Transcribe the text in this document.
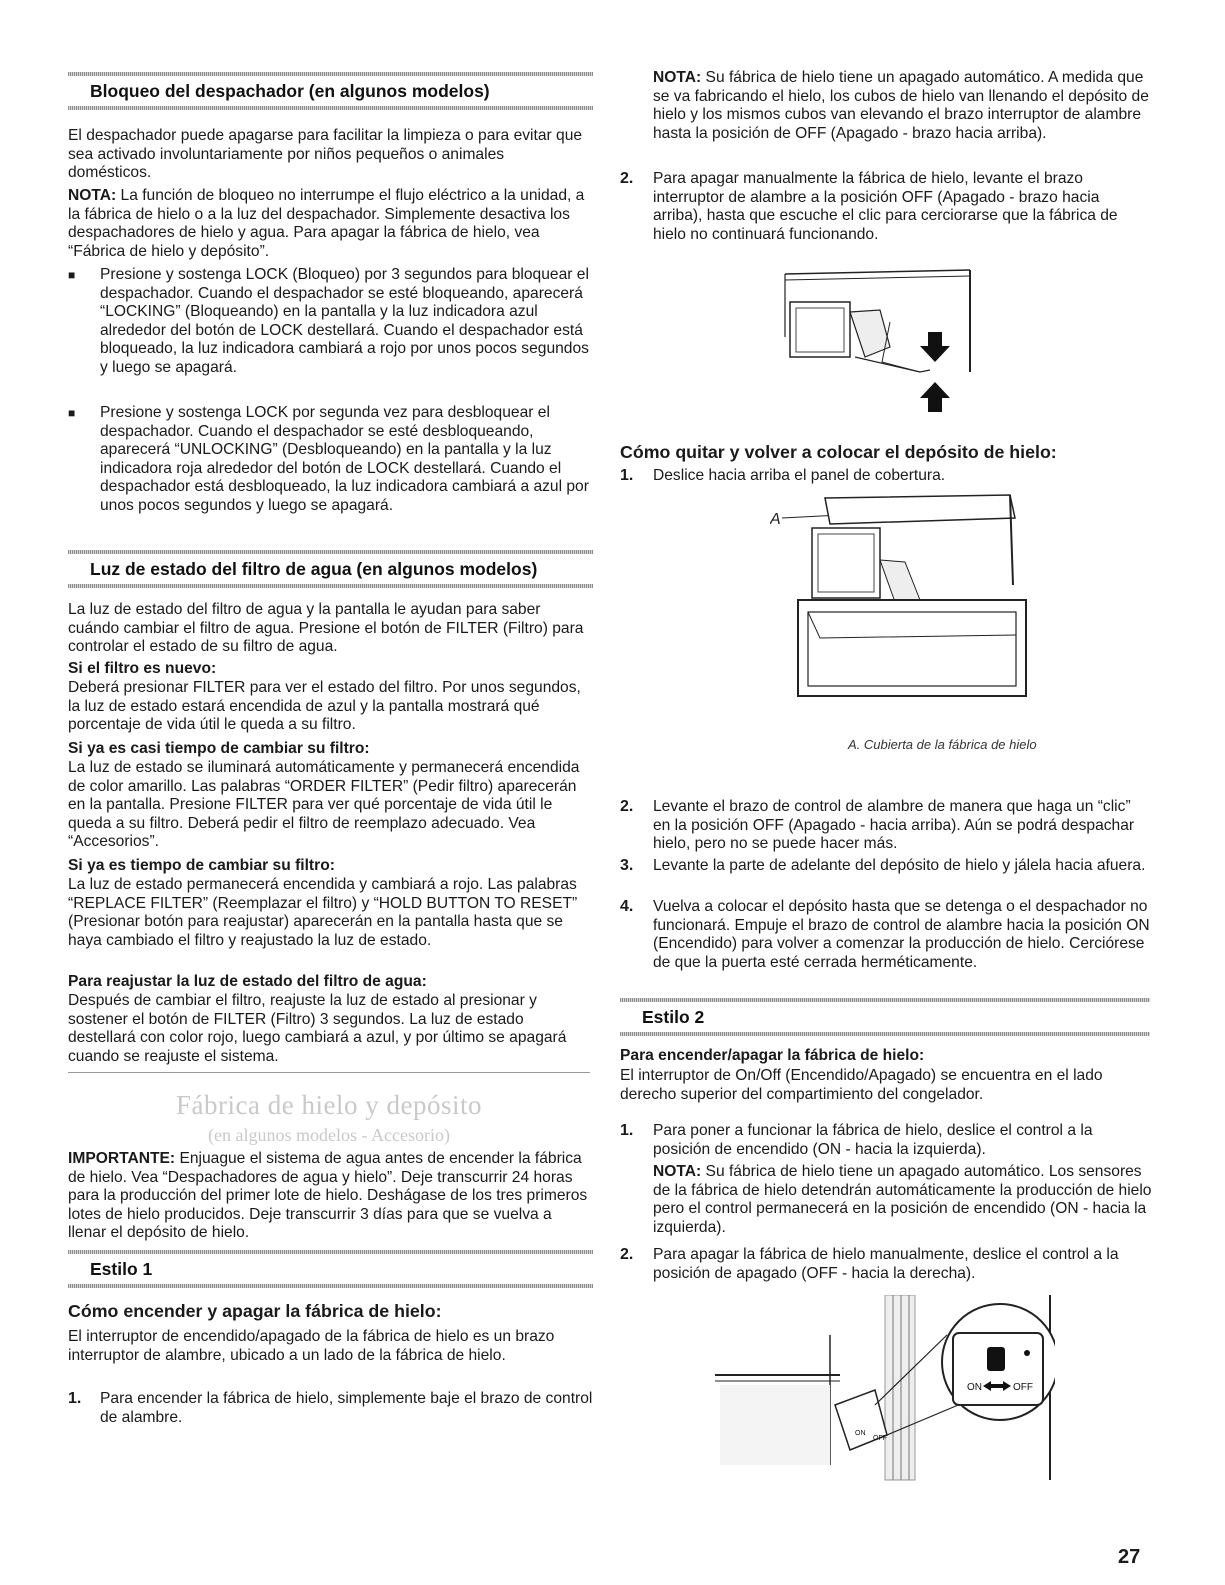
Bloqueo del despachador (en algunos modelos)

El despachador puede apagarse para facilitar la limpieza o para evitar que sea activado involuntariamente por niños pequeños o animales domésticos.

NOTA: La función de bloqueo no interrumpe el flujo eléctrico a la unidad, a la fábrica de hielo o a la luz del despachador. Simplemente desactiva los despachadores de hielo y agua. Para apagar la fábrica de hielo, vea “Fábrica de hielo y depósito”.

■ Presione y sostenga LOCK (Bloqueo) por 3 segundos para bloquear el despachador. Cuando el despachador se esté bloqueando, aparecerá “LOCKING” (Bloqueando) en la pantalla y la luz indicadora azul alrededor del botón de LOCK destellará. Cuando el despachador está bloqueado, la luz indicadora cambiará a rojo por unos pocos segundos y luego se apagará.

■ Presione y sostenga LOCK por segunda vez para desbloquear el despachador. Cuando el despachador se esté desbloqueando, aparecerá “UNLOCKING” (Desbloqueando) en la pantalla y la luz indicadora roja alrededor del botón de LOCK destellará. Cuando el despachador está desbloqueado, la luz indicadora cambiará a azul por unos pocos segundos y luego se apagará.

Luz de estado del filtro de agua (en algunos modelos)

La luz de estado del filtro de agua y la pantalla le ayudan para saber cuándo cambiar el filtro de agua. Presione el botón de FILTER (Filtro) para controlar el estado de su filtro de agua.

Si el filtro es nuevo:

Deberá presionar FILTER para ver el estado del filtro. Por unos segundos, la luz de estado estará encendida de azul y la pantalla mostrará qué porcentaje de vida útil le queda a su filtro.

Si ya es casi tiempo de cambiar su filtro:

La luz de estado se iluminará automáticamente y permanecerá encendida de color amarillo. Las palabras “ORDER FILTER” (Pedir filtro) aparecerán en la pantalla. Presione FILTER para ver qué porcentaje de vida útil le queda a su filtro. Deberá pedir el filtro de reemplazo adecuado. Vea “Accesorios”.

Si ya es tiempo de cambiar su filtro:

La luz de estado permanecerá encendida y cambiará a rojo. Las palabras “REPLACE FILTER” (Reemplazar el filtro) y “HOLD BUTTON TO RESET” (Presionar botón para reajustar) aparecerán en la pantalla hasta que se haya cambiado el filtro y reajustado la luz de estado.

Para reajustar la luz de estado del filtro de agua:

Después de cambiar el filtro, reajuste la luz de estado al presionar y sostener el botón de FILTER (Filtro) 3 segundos. La luz de estado destellará con color rojo, luego cambiará a azul, y por último se apagará cuando se reajuste el sistema.

Fábrica de hielo y depósito
(en algunos modelos - Accesorio)

IMPORTANTE: Enjuague el sistema de agua antes de encender la fábrica de hielo. Vea “Despachadores de agua y hielo”. Deje transcurrir 24 horas para la producción del primer lote de hielo. Deshágase de los tres primeros lotes de hielo producidos. Deje transcurrir 3 días para que se vuelva a llenar el depósito de hielo.

Estilo 1

Cómo encender y apagar la fábrica de hielo:

El interruptor de encendido/apagado de la fábrica de hielo es un brazo interruptor de alambre, ubicado a un lado de la fábrica de hielo.

1. Para encender la fábrica de hielo, simplemente baje el brazo de control de alambre.

NOTA: Su fábrica de hielo tiene un apagado automático. A medida que se va fabricando el hielo, los cubos de hielo van llenando el depósito de hielo y los mismos cubos van elevando el brazo interruptor de alambre hasta la posición de OFF (Apagado - brazo hacia arriba).

2. Para apagar manualmente la fábrica de hielo, levante el brazo interruptor de alambre a la posición OFF (Apagado - brazo hacia arriba), hasta que escuche el clic para cerciorarse que la fábrica de hielo no continuará funcionando.

Cómo quitar y volver a colocar el depósito de hielo:

1. Deslice hacia arriba el panel de cobertura.

A

A. Cubierta de la fábrica de hielo

2. Levante el brazo de control de alambre de manera que haga un “clic” en la posición OFF (Apagado - hacia arriba). Aún se podrá despachar hielo, pero no se puede hacer más.

3. Levante la parte de adelante del depósito de hielo y jálela hacia afuera.

4. Vuelva a colocar el depósito hasta que se detenga o el despachador no funcionará. Empuje el brazo de control de alambre hacia la posición ON (Encendido) para volver a comenzar la producción de hielo. Cerciórese de que la puerta esté cerrada herméticamente.

Estilo 2

Para encender/apagar la fábrica de hielo:

El interruptor de On/Off (Encendido/Apagado) se encuentra en el lado derecho superior del compartimiento del congelador.

1. Para poner a funcionar la fábrica de hielo, deslice el control a la posición de encendido (ON - hacia la izquierda).

NOTA: Su fábrica de hielo tiene un apagado automático. Los sensores de la fábrica de hielo detendrán automáticamente la producción de hielo pero el control permanecerá en la posición de encendido (ON - hacia la izquierda).

2. Para apagar la fábrica de hielo manualmente, deslice el control a la posición de apagado (OFF - hacia la derecha).

ON
OFF
ON	OFF
27
